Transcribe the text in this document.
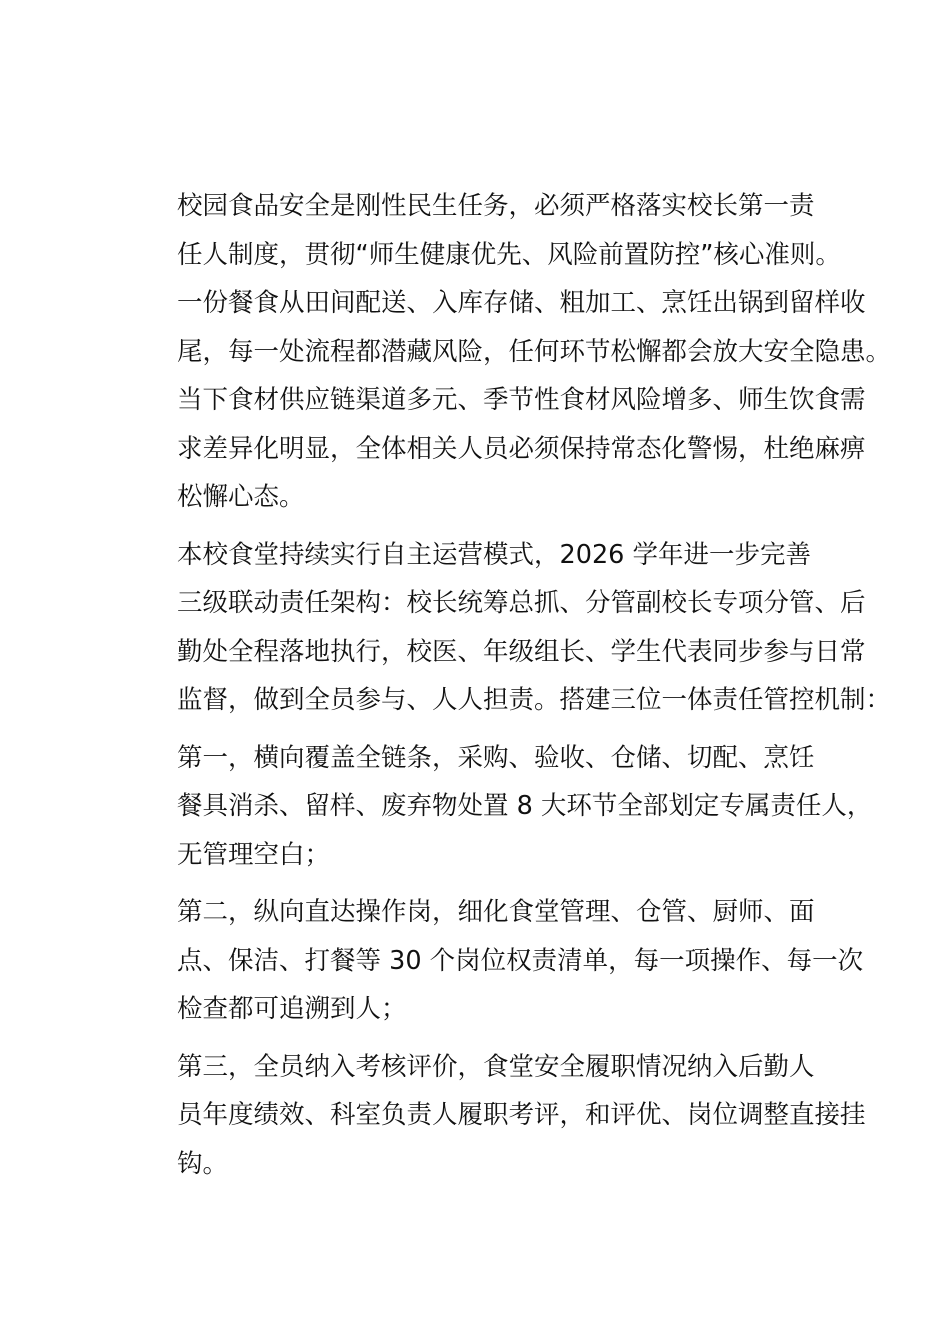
校园食品安全是刚性民生任务，必须严格落实校长第一责
任人制度，贯彻“师生健康优先、风险前置防控”核心准则。
一份餐食从田间配送、入库存储、粗加工、烹饪出锅到留样收
尾，每一处流程都潜藏风险，任何环节松懈都会放大安全隐患。
当下食材供应链渠道多元、季节性食材风险增多、师生饮食需
求差异化明显，全体相关人员必须保持常态化警惕，杜绝麻痹
松懈心态。

本校食堂持续实行自主运营模式，2026 学年进一步完善
三级联动责任架构：校长统筹总抓、分管副校长专项分管、后
勤处全程落地执行，校医、年级组长、学生代表同步参与日常
监督，做到全员参与、人人担责。搭建三位一体责任管控机制：

第一，横向覆盖全链条，采购、验收、仓储、切配、烹饪
餐具消杀、留样、废弃物处置 8 大环节全部划定专属责任人，
无管理空白；

第二，纵向直达操作岗，细化食堂管理、仓管、厨师、面
点、保洁、打餐等 30 个岗位权责清单，每一项操作、每一次
检查都可追溯到人；

第三，全员纳入考核评价，食堂安全履职情况纳入后勤人
员年度绩效、科室负责人履职考评，和评优、岗位调整直接挂
钩。
